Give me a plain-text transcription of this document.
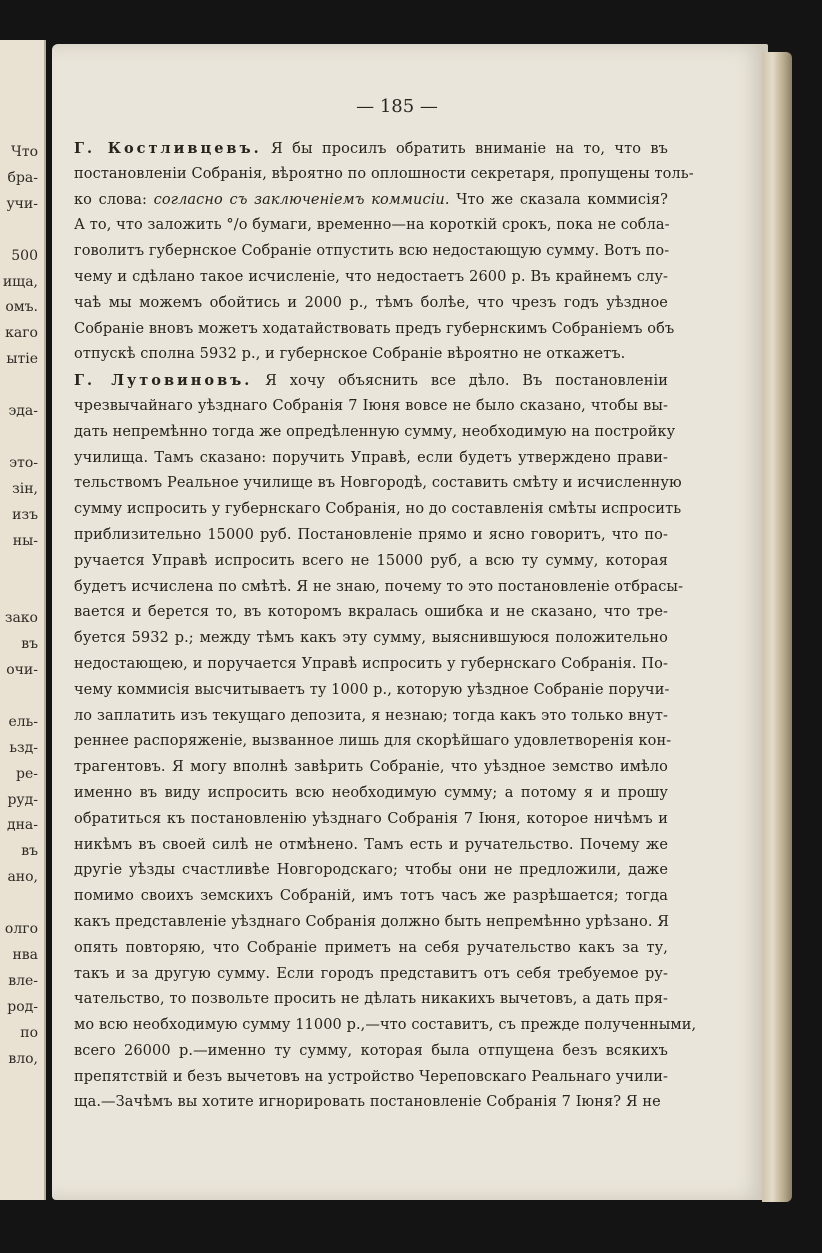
Что
бра-
учи-
500
ища,
омъ.
каго
ытіе
эда-
это-
зін,
изъ
ны-
зако
въ
очи-
ель-
ьзд-
ре-
руд-
дна-
въ
ано,
олго
нва
вле-
род-
по
вло,
— 185 —
Г. Костливцевъ. Я бы просилъ обратить вниманіе на то, что въ
постановленіи Собранія, вѣроятно по оплошности секретаря, пропущены толь-
ко слова: согласно съ заключеніемъ коммисіи. Что же сказала коммисія?
А то, что заложить °/о бумаги, временно—на короткій срокъ, пока не собла-
говолитъ губернское Собраніе отпустить всю недостающую сумму. Вотъ по-
чему и сдѣлано такое исчисленіе, что недостаетъ 2600 р. Въ крайнемъ слу-
чаѣ мы можемъ обойтись и 2000 р., тѣмъ болѣе, что чрезъ годъ уѣздное
Собраніе вновъ можетъ ходатайствовать предъ губернскимъ Собраніемъ объ
отпускѣ сполна 5932 р., и губернское Собраніе вѣроятно не откажетъ.
Г. Лутовиновъ. Я хочу объяснить все дѣло. Въ постановленіи
чрезвычайнаго уѣзднаго Собранія 7 Іюня вовсе не было сказано, чтобы вы-
дать непремѣнно тогда же опредѣленную сумму, необходимую на постройку
училища. Тамъ сказано: поручить Управѣ, если будетъ утверждено прави-
тельствомъ Реальное училище въ Новгородѣ, составить смѣту и исчисленную
сумму испросить у губернскаго Собранія, но до составленія смѣты испросить
приблизительно 15000 руб. Постановленіе прямо и ясно говоритъ, что по-
ручается Управѣ испросить всего не 15000 руб, а всю ту сумму, которая
будетъ исчислена по смѣтѣ. Я не знаю, почему то это постановленіе отбрасы-
вается и берется то, въ которомъ вкралась ошибка и не сказано, что тре-
буется 5932 р.; между тѣмъ какъ эту сумму, выяснившуюся положительно
недостающею, и поручается Управѣ испросить у губернскаго Собранія. По-
чему коммисія высчитываетъ ту 1000 р., которую уѣздное Собраніе поручи-
ло заплатить изъ текущаго депозита, я незнаю; тогда какъ это только внут-
реннее распоряженіе, вызванное лишь для скорѣйшаго удовлетворенія кон-
трагентовъ. Я могу вполнѣ завѣрить Собраніе, что уѣздное земство имѣло
именно въ виду испросить всю необходимую сумму; а потому я и прошу
обратиться къ постановленію уѣзднаго Собранія 7 Іюня, которое ничѣмъ и
никѣмъ въ своей силѣ не отмѣнено. Тамъ есть и ручательство. Почему же
другіе уѣзды счастливѣе Новгородскаго; чтобы они не предложили, даже
помимо своихъ земскихъ Собраній, имъ тотъ часъ же разрѣшается; тогда
какъ представленіе уѣзднаго Собранія должно быть непремѣнно урѣзано. Я
опять повторяю, что Собраніе приметъ на себя ручательство какъ за ту,
такъ и за другую сумму. Если городъ представитъ отъ себя требуемое ру-
чательство, то позвольте просить не дѣлать никакихъ вычетовъ, а дать пря-
мо всю необходимую сумму 11000 р.,—что составитъ, съ прежде полученными,
всего 26000 р.—именно ту сумму, которая была отпущена безъ всякихъ
препятствій и безъ вычетовъ на устройство Череповскаго Реальнаго учили-
ща.—Зачѣмъ вы хотите игнорировать постановленіе Собранія 7 Іюня? Я не
